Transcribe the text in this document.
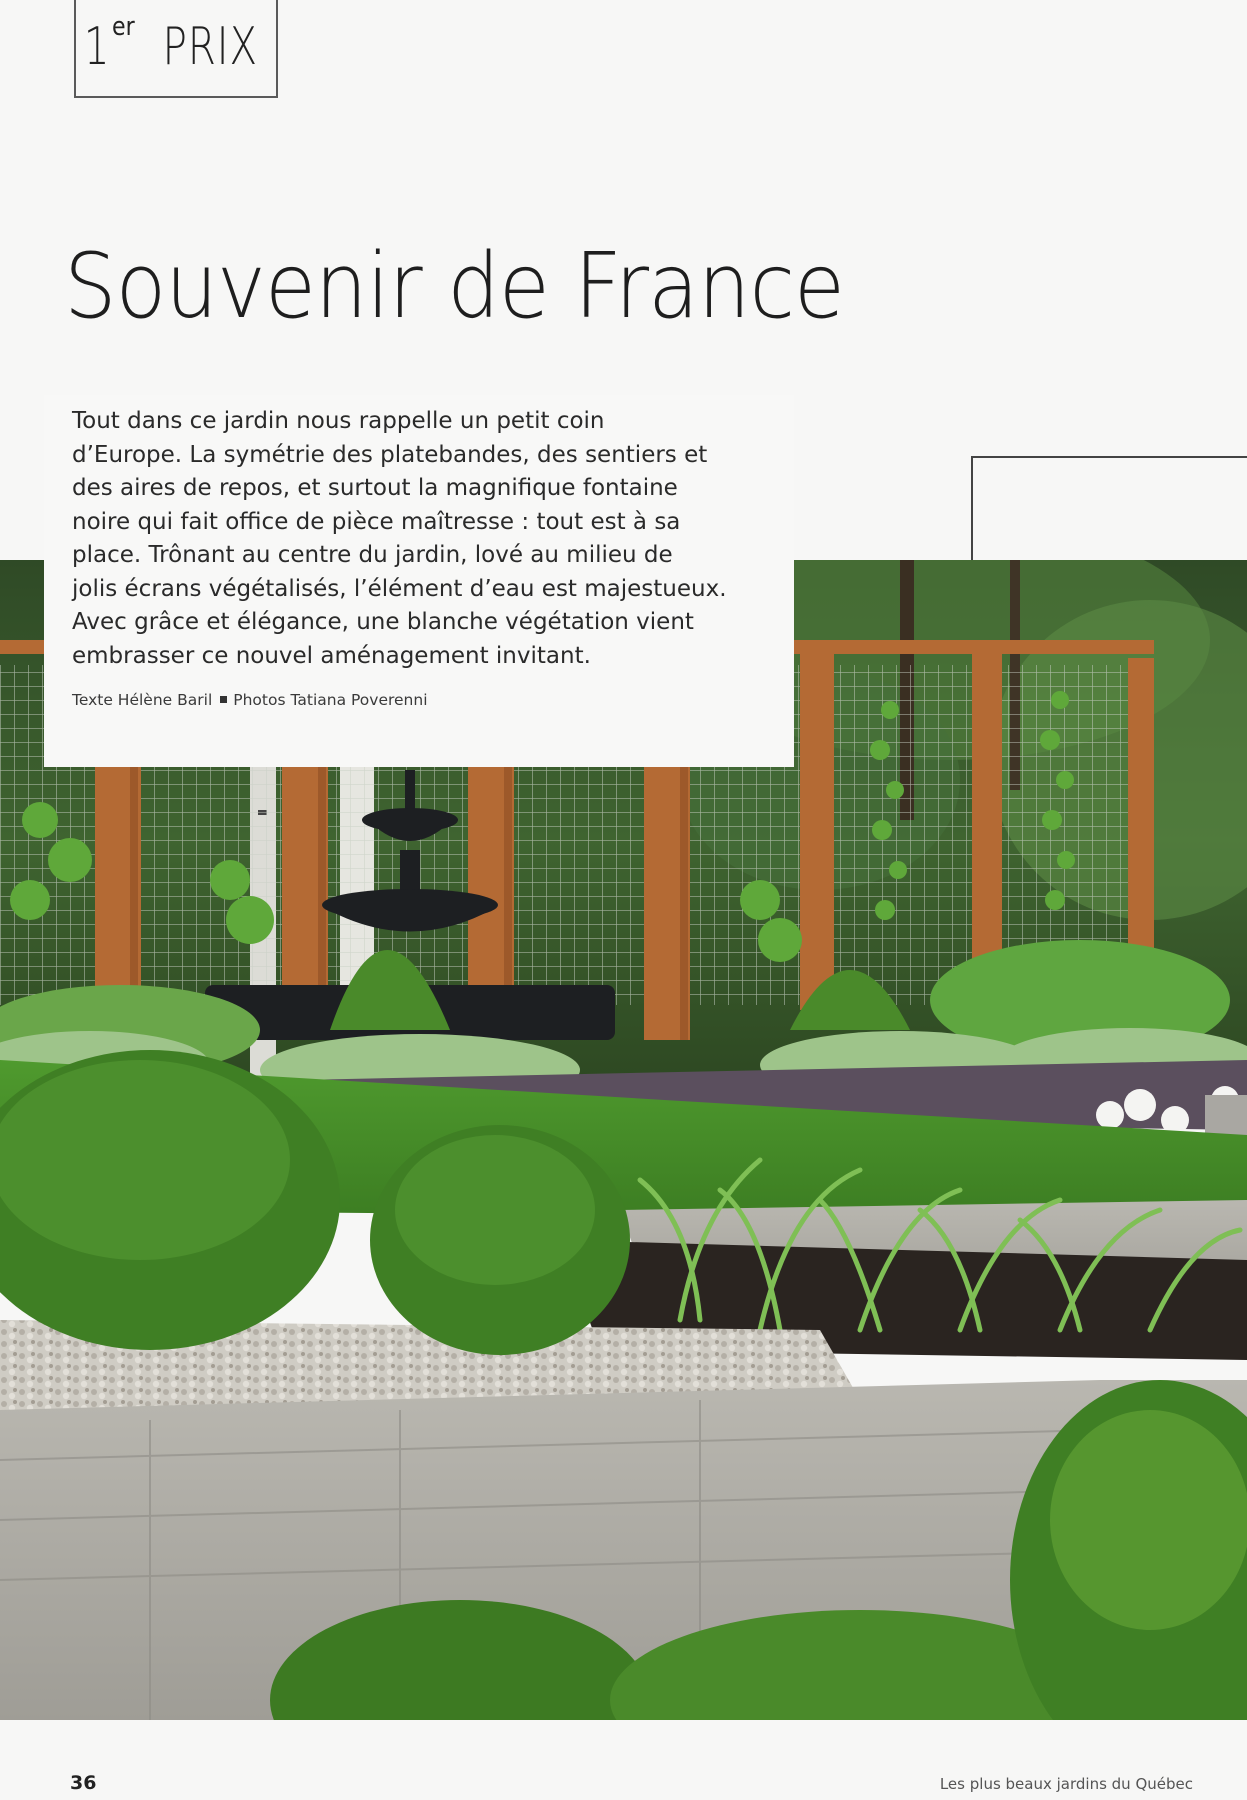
1 er PRIX
Souvenir de France

Tout dans ce jardin nous rappelle un petit coin
d’Europe. La symétrie des platebandes, des sentiers et
des aires de repos, et surtout la magnifique fontaine
noire qui fait office de pièce maîtresse : tout est à sa
place. Trônant au centre du jardin, lové au milieu de
jolis écrans végétalisés, l’élément d’eau est majestueux.
Avec grâce et élégance, une blanche végétation vient
embrasser ce nouvel aménagement invitant.

Texte Hélène Baril Photos Tatiana Poverenni
36	Les plus beaux jardins du Québec
